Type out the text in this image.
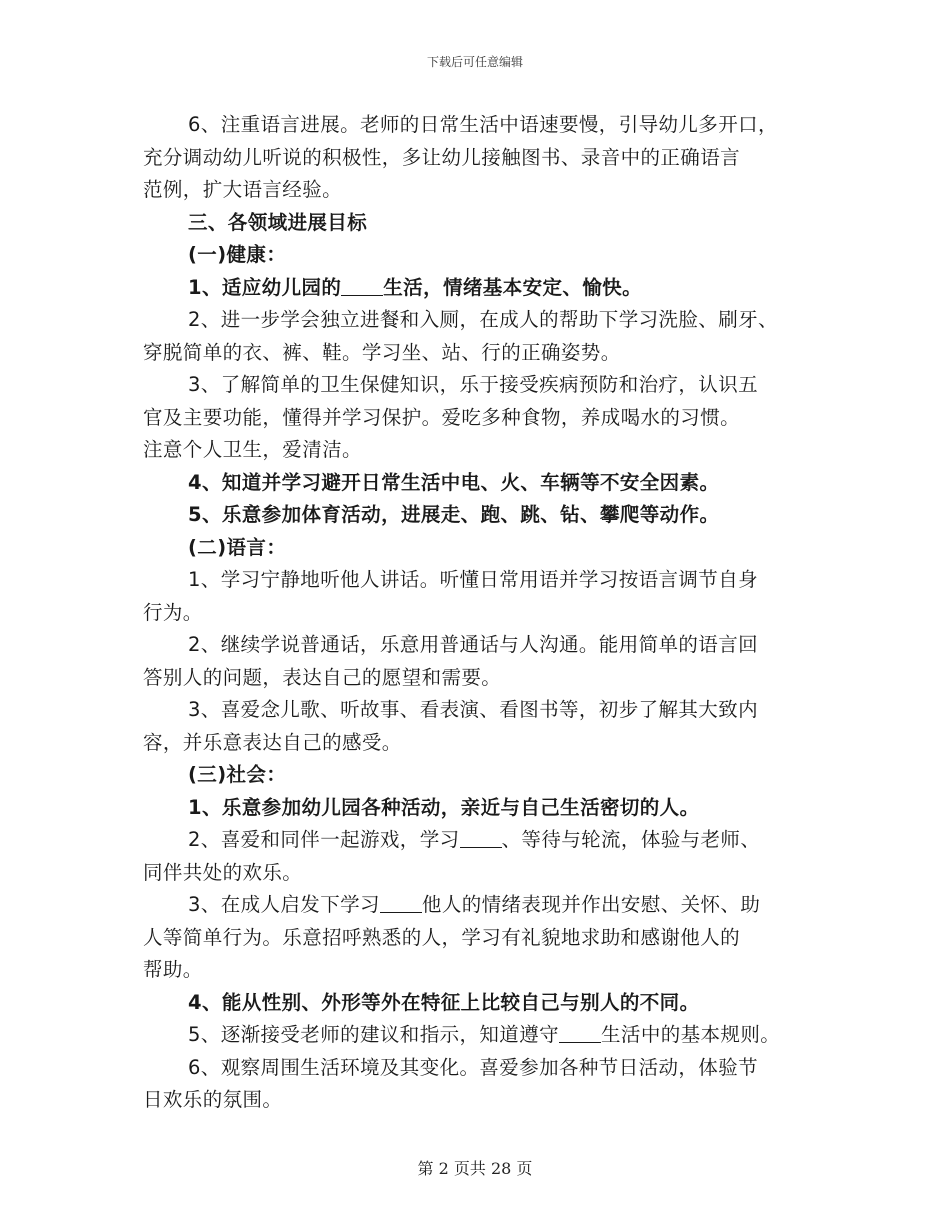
下载后可任意编辑
6、注重语言进展。老师的日常生活中语速要慢，引导幼儿多开口，
充分调动幼儿听说的积极性，多让幼儿接触图书、录音中的正确语言
范例，扩大语言经验。
三、各领域进展目标
(一)健康：
1、适应幼儿园的 生活，情绪基本安定、愉快。
2、进一步学会独立进餐和入厕，在成人的帮助下学习洗脸、刷牙、
穿脱简单的衣、裤、鞋。学习坐、站、行的正确姿势。
3、了解简单的卫生保健知识，乐于接受疾病预防和治疗，认识五
官及主要功能，懂得并学习保护。爱吃多种食物，养成喝水的习惯。
注意个人卫生，爱清洁。
4、知道并学习避开日常生活中电、火、车辆等不安全因素。
5、乐意参加体育活动，进展走、跑、跳、钻、攀爬等动作。
(二)语言：
1、学习宁静地听他人讲话。听懂日常用语并学习按语言调节自身
行为。
2、继续学说普通话，乐意用普通话与人沟通。能用简单的语言回
答别人的问题，表达自己的愿望和需要。
3、喜爱念儿歌、听故事、看表演、看图书等，初步了解其大致内
容，并乐意表达自己的感受。
(三)社会：
1、乐意参加幼儿园各种活动，亲近与自己生活密切的人。
2、喜爱和同伴一起游戏，学习 、等待与轮流，体验与老师、
同伴共处的欢乐。
3、在成人启发下学习 他人的情绪表现并作出安慰、关怀、助
人等简单行为。乐意招呼熟悉的人，学习有礼貌地求助和感谢他人的
帮助。
4、能从性别、外形等外在特征上比较自己与别人的不同。
5、逐渐接受老师的建议和指示，知道遵守 生活中的基本规则。
6、观察周围生活环境及其变化。喜爱参加各种节日活动，体验节
日欢乐的氛围。
第 2 页共 28 页
